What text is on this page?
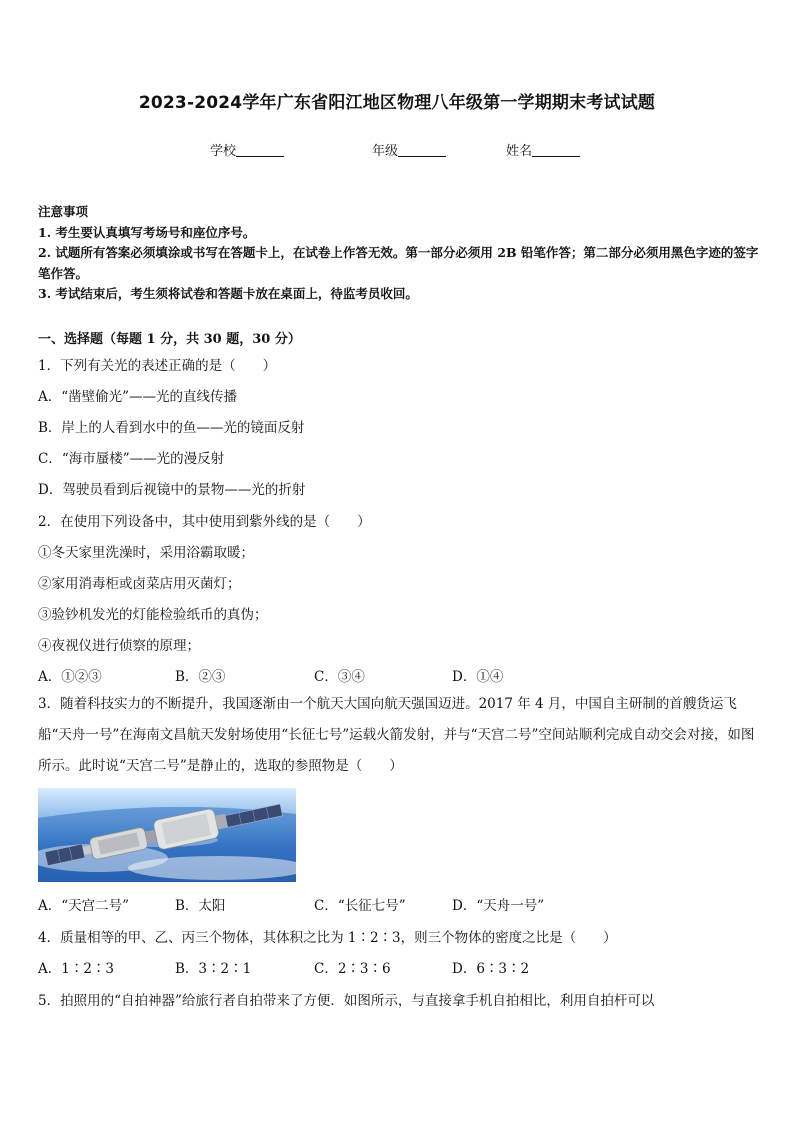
2023-2024学年广东省阳江地区物理八年级第一学期期末考试试题
学校	年级	姓名
注意事项
1. 考生要认真填写考场号和座位序号。
2. 试题所有答案必须填涂或书写在答题卡上，在试卷上作答无效。第一部分必须用 2B 铅笔作答；第二部分必须用黑色字迹的签字笔作答。
3. 考试结束后，考生须将试卷和答题卡放在桌面上，待监考员收回。
一、选择题（每题 1 分，共 30 题，30 分）
1．下列有关光的表述正确的是（　　）
A．“凿壁偷光”——光的直线传播
B．岸上的人看到水中的鱼——光的镜面反射
C．“海市蜃楼”——光的漫反射
D．驾驶员看到后视镜中的景物——光的折射
2．在使用下列设备中，其中使用到紫外线的是（　　）
①冬天家里洗澡时，采用浴霸取暖；
②家用消毒柜或卤菜店用灭菌灯；
③验钞机发光的灯能检验纸币的真伪；
④夜视仪进行侦察的原理；
A．①②③	B．②③	C．③④	D．①④
3．随着科技实力的不断提升，我国逐渐由一个航天大国向航天强国迈进。2017 年 4 月，中国自主研制的首艘货运飞船“天舟一号”在海南文昌航天发射场使用“长征七号”运载火箭发射，并与“天宫二号”空间站顺利完成自动交会对接，如图所示。此时说“天宫二号”是静止的，选取的参照物是（　　）
A．“天宫二号”	B．太阳	C．“长征七号”	D．“天舟一号”
4．质量相等的甲、乙、丙三个物体，其体积之比为 1∶2∶3，则三个物体的密度之比是（　　）
A．1∶2∶3	B．3∶2∶1	C．2∶3∶6	D．6∶3∶2
5．拍照用的“自拍神器”给旅行者自拍带来了方便．如图所示，与直接拿手机自拍相比，利用自拍杆可以
